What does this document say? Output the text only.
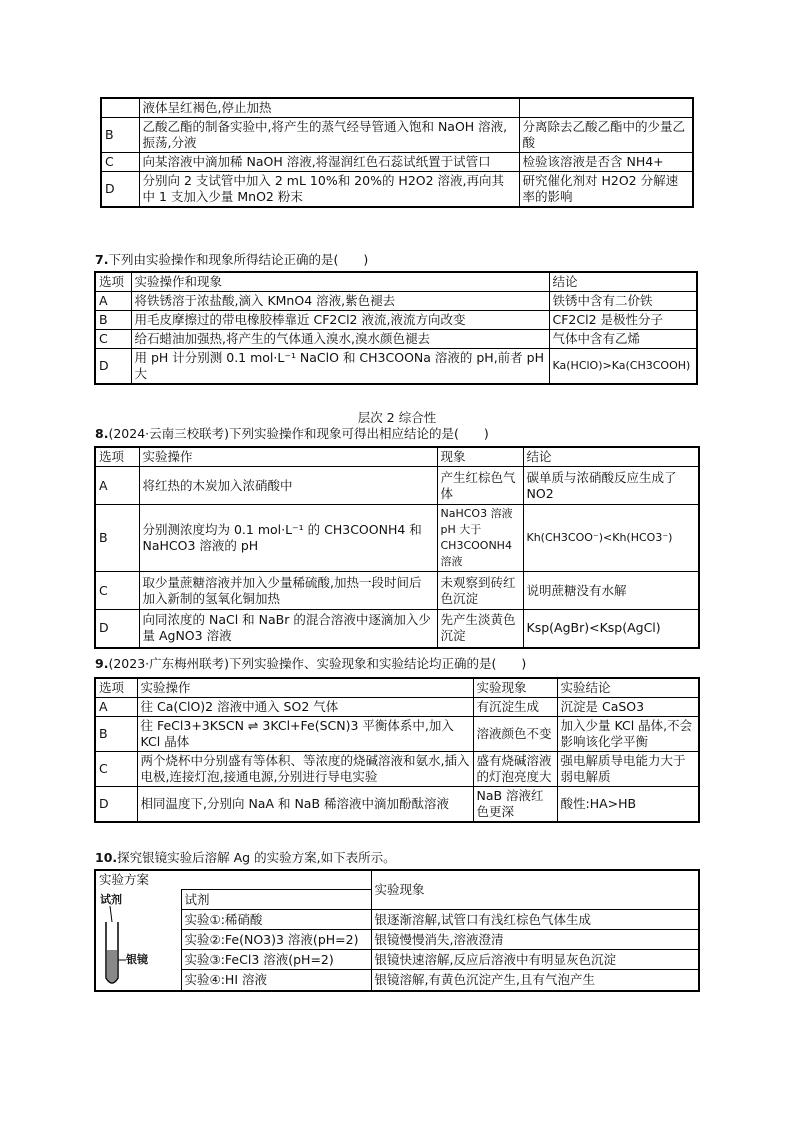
	液体呈红褐色,停止加热	
B	乙酸乙酯的制备实验中,将产生的蒸气经导管通入饱和 NaOH 溶液,振荡,分液	分离除去乙酸乙酯中的少量乙酸
C	向某溶液中滴加稀 NaOH 溶液,将湿润红色石蕊试纸置于试管口	检验该溶液是否含 NH4+
D	分别向 2 支试管中加入 2 mL 10%和 20%的 H2O2 溶液,再向其中 1 支加入少量 MnO2 粉末	研究催化剂对 H2O2 分解速率的影响
7.下列由实验操作和现象所得结论正确的是(　　)
选项	实验操作和现象	结论
A	将铁锈溶于浓盐酸,滴入 KMnO4 溶液,紫色褪去	铁锈中含有二价铁
B	用毛皮摩擦过的带电橡胶棒靠近 CF2Cl2 液流,液流方向改变	CF2Cl2 是极性分子
C	给石蜡油加强热,将产生的气体通入溴水,溴水颜色褪去	气体中含有乙烯
D	用 pH 计分别测 0.1 mol·L⁻¹ NaClO 和 CH3COONa 溶液的 pH,前者 pH 大	Ka(HClO)>Ka(CH3COOH)
层次 2 综合性
8.(2024·云南三校联考)下列实验操作和现象可得出相应结论的是(　　)
选项	实验操作	现象	结论
A	将红热的木炭加入浓硝酸中	产生红棕色气体	碳单质与浓硝酸反应生成了 NO2
B	分别测浓度均为 0.1 mol·L⁻¹ 的 CH3COONH4 和 NaHCO3 溶液的 pH	NaHCO3 溶液 pH 大于 CH3COONH4 溶液	Kh(CH3COO⁻)<Kh(HCO3⁻)
C	取少量蔗糖溶液并加入少量稀硫酸,加热一段时间后加入新制的氢氧化铜加热	未观察到砖红色沉淀	说明蔗糖没有水解
D	向同浓度的 NaCl 和 NaBr 的混合溶液中逐滴加入少量 AgNO3 溶液	先产生淡黄色沉淀	Ksp(AgBr)<Ksp(AgCl)
9.(2023·广东梅州联考)下列实验操作、实验现象和实验结论均正确的是(　　)
选项	实验操作	实验现象	实验结论
A	往 Ca(ClO)2 溶液中通入 SO2 气体	有沉淀生成	沉淀是 CaSO3
B	往 FeCl3+3KSCN ⇌ 3KCl+Fe(SCN)3 平衡体系中,加入 KCl 晶体	溶液颜色不变	加入少量 KCl 晶体,不会影响该化学平衡
C	两个烧杯中分别盛有等体积、等浓度的烧碱溶液和氨水,插入电极,连接灯泡,接通电源,分别进行导电实验	盛有烧碱溶液的灯泡亮度大	强电解质导电能力大于弱电解质
D	相同温度下,分别向 NaA 和 NaB 稀溶液中滴加酚酞溶液	NaB 溶液红色更深	酸性:HA>HB
10.探究银镜实验后溶解 Ag 的实验方案,如下表所示。
实验方案		实验现象

试剂
银镜	试剂	
	实验①:稀硝酸	银逐渐溶解,试管口有浅红棕色气体生成
	实验②:Fe(NO3)3 溶液(pH=2)	银镜慢慢消失,溶液澄清
	实验③:FeCl3 溶液(pH=2)	银镜快速溶解,反应后溶液中有明显灰色沉淀
	实验④:HI 溶液	银镜溶解,有黄色沉淀产生,且有气泡产生
